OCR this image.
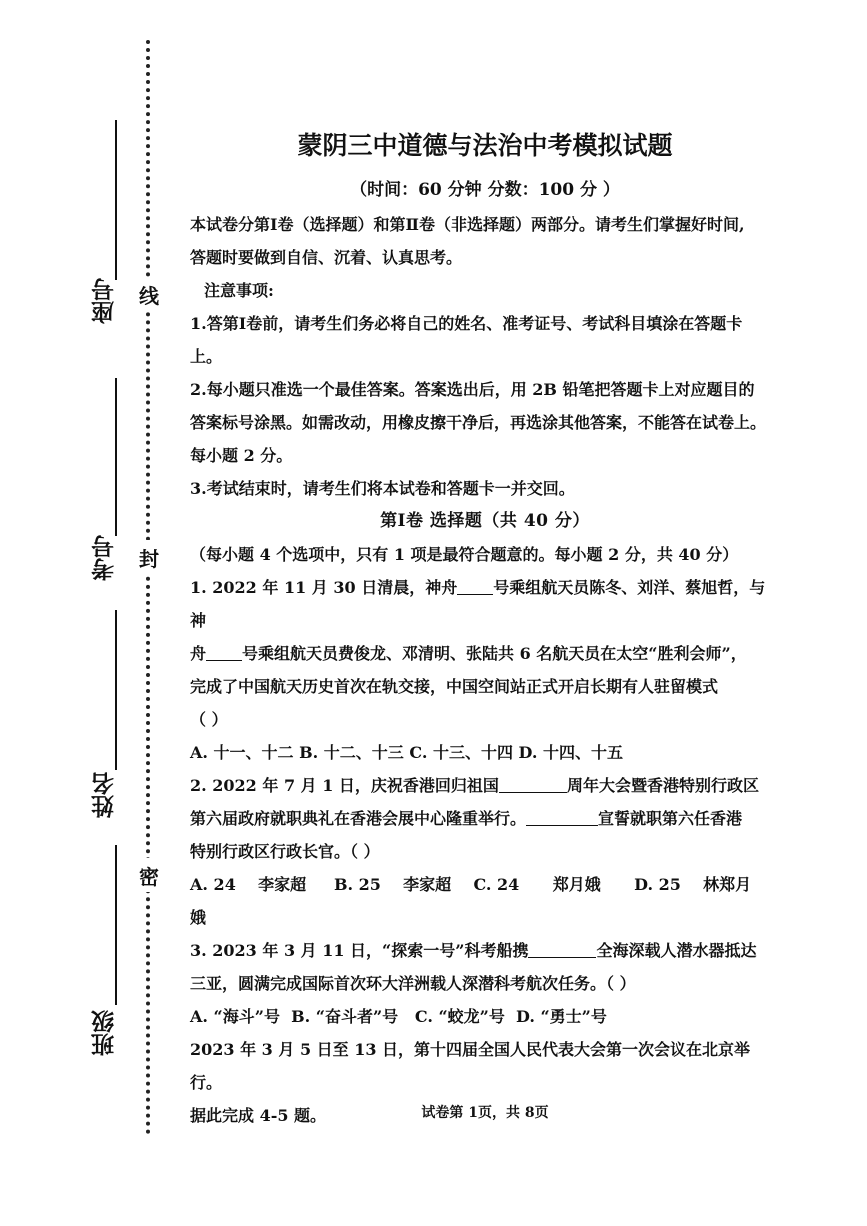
线
封
密
座号
考号
姓名
班级
蒙阴三中道德与法治中考模拟试题
（时间：60 分钟 分数：100 分 ）

本试卷分第Ⅰ卷（选择题）和第Ⅱ卷（非选择题）两部分。请考生们掌握好时间,

答题时要做到自信、沉着、认真思考。

注意事项:

1.答第Ⅰ卷前，请考生们务必将自己的姓名、准考证号、考试科目填涂在答题卡

上。

2.每小题只准选一个最佳答案。答案选出后，用 2B 铅笔把答题卡上对应题目的

答案标号涂黑。如需改动，用橡皮擦干净后，再选涂其他答案，不能答在试卷上。

每小题 2 分。

3.考试结束时，请考生们将本试卷和答题卡一并交回。

第Ⅰ卷 选择题（共 40 分）

（每小题 4 个选项中，只有 1 项是最符合题意的。每小题 2 分，共 40 分）

1. 2022 年 11 月 30 日清晨，神舟 号乘组航天员陈冬、刘洋、蔡旭哲，与神

舟 号乘组航天员费俊龙、邓清明、张陆共 6 名航天员在太空“胜利会师”，

完成了中国航天历史首次在轨交接，中国空间站正式开启长期有人驻留模式

（ ）

A. 十一、十二 B. 十二、十三 C. 十三、十四 D. 十四、十五

2. 2022 年 7 月 1 日，庆祝香港回归祖国	周年大会暨香港特别行政区

第六届政府就职典礼在香港会展中心隆重举行。	宣誓就职第六任香港

特别行政区行政长官。（ ）

A. 24    李家超     B. 25    李家超    C. 24      郑月娥      D. 25    林郑月

娥

3. 2023 年 3 月 11 日，“探索一号”科考船携	全海深载人潜水器抵达

三亚，圆满完成国际首次环大洋洲载人深潜科考航次任务。（ ）

A. “海斗”号  B. “奋斗者”号   C. “蛟龙”号  D. “勇士”号

2023 年 3 月 5 日至 13 日，第十四届全国人民代表大会第一次会议在北京举行。

据此完成 4-5 题。	试卷第 1页，共 8页
